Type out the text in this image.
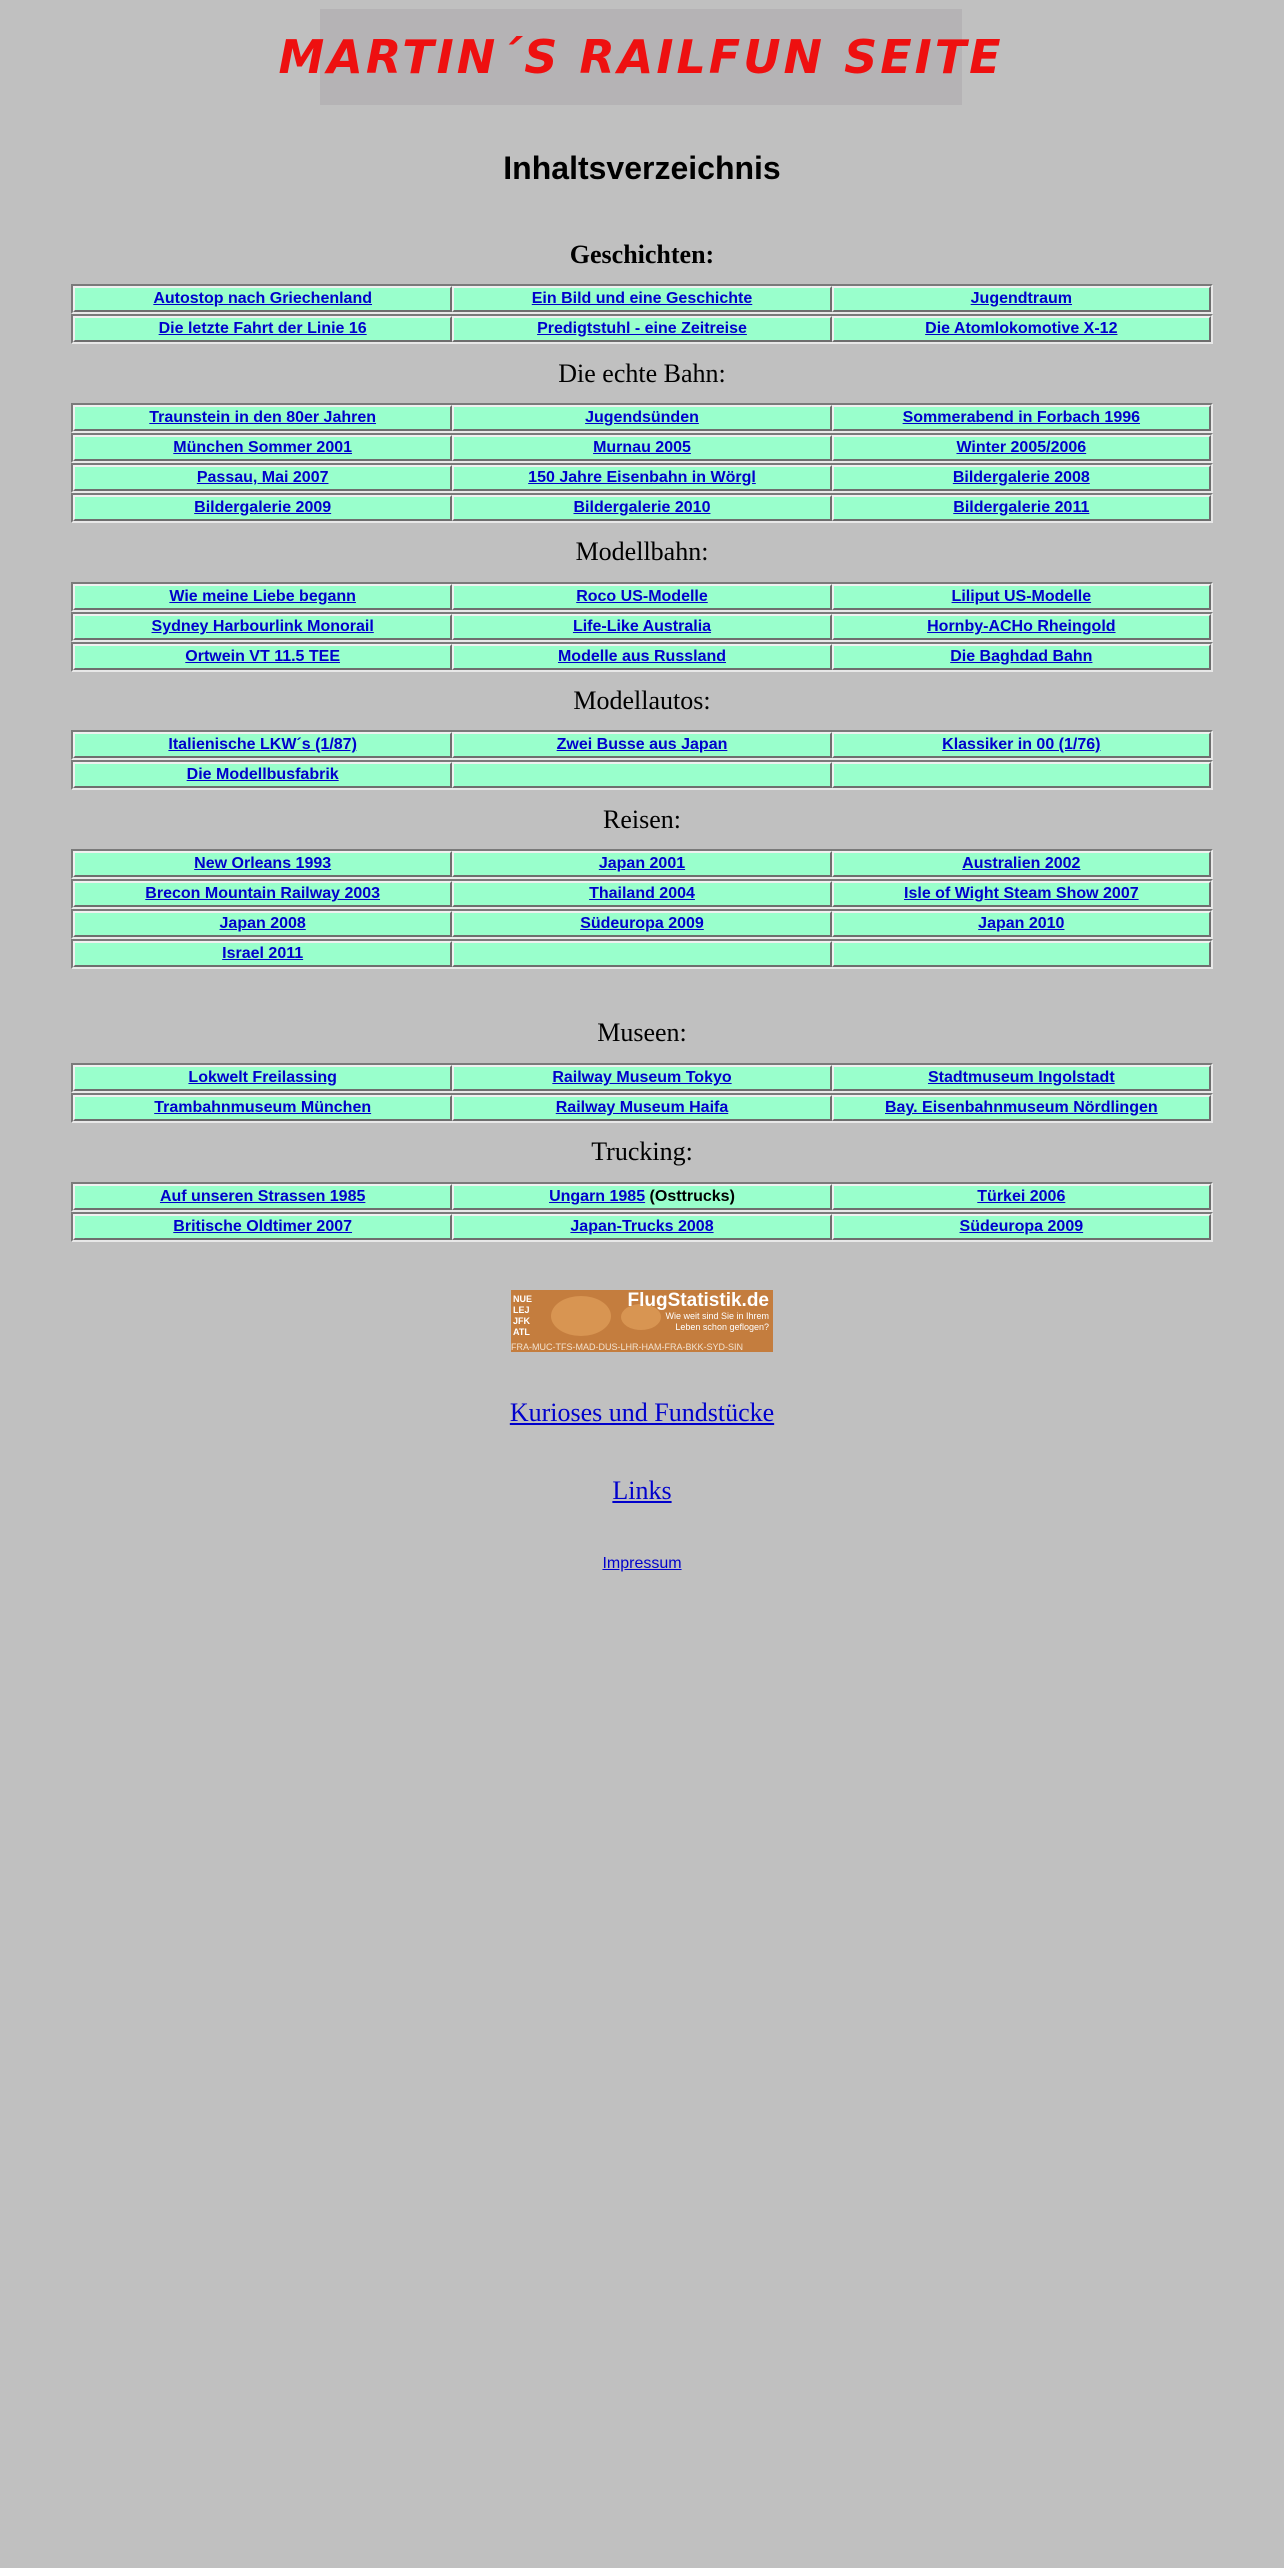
MARTIN´S RAILFUN SEITE
Inhaltsverzeichnis
Geschichten:
Autostop nach Griechenland	Ein Bild und eine Geschichte	Jugendtraum
Die letzte Fahrt der Linie 16	Predigtstuhl - eine Zeitreise	Die Atomlokomotive X-12
Die echte Bahn:
Traunstein in den 80er Jahren	Jugendsünden	Sommerabend in Forbach 1996
München Sommer 2001	Murnau 2005	Winter 2005/2006
Passau, Mai 2007	150 Jahre Eisenbahn in Wörgl	Bildergalerie 2008
Bildergalerie 2009	Bildergalerie 2010	Bildergalerie 2011
Modellbahn:
Wie meine Liebe begann	Roco US-Modelle	Liliput US-Modelle
Sydney Harbourlink Monorail	Life-Like Australia	Hornby-ACHo Rheingold
Ortwein VT 11.5 TEE	Modelle aus Russland	Die Baghdad Bahn
Modellautos:
Italienische LKW´s (1/87)	Zwei Busse aus Japan	Klassiker in 00 (1/76)
Die Modellbusfabrik
Reisen:
New Orleans 1993	Japan 2001	Australien 2002
Brecon Mountain Railway 2003	Thailand 2004	Isle of Wight Steam Show 2007
Japan 2008	Südeuropa 2009	Japan 2010
Israel 2011
Museen:
Lokwelt Freilassing	Railway Museum Tokyo	Stadtmuseum Ingolstadt
Trambahnmuseum München	Railway Museum Haifa	Bay. Eisenbahnmuseum Nördlingen
Trucking:
Auf unseren Strassen 1985	Ungarn 1985 (Osttrucks)	Türkei 2006
Britische Oldtimer 2007	Japan-Trucks 2008	Südeuropa 2009
NUE
LEJ
JFK
ATL
FlugStatistik.de
Wie weit sind Sie in Ihrem
Leben schon geflogen?
FRA-MUC-TFS-MAD-DUS-LHR-HAM-FRA-BKK-SYD-SIN
Kurioses und Fundstücke
Links
Impressum
